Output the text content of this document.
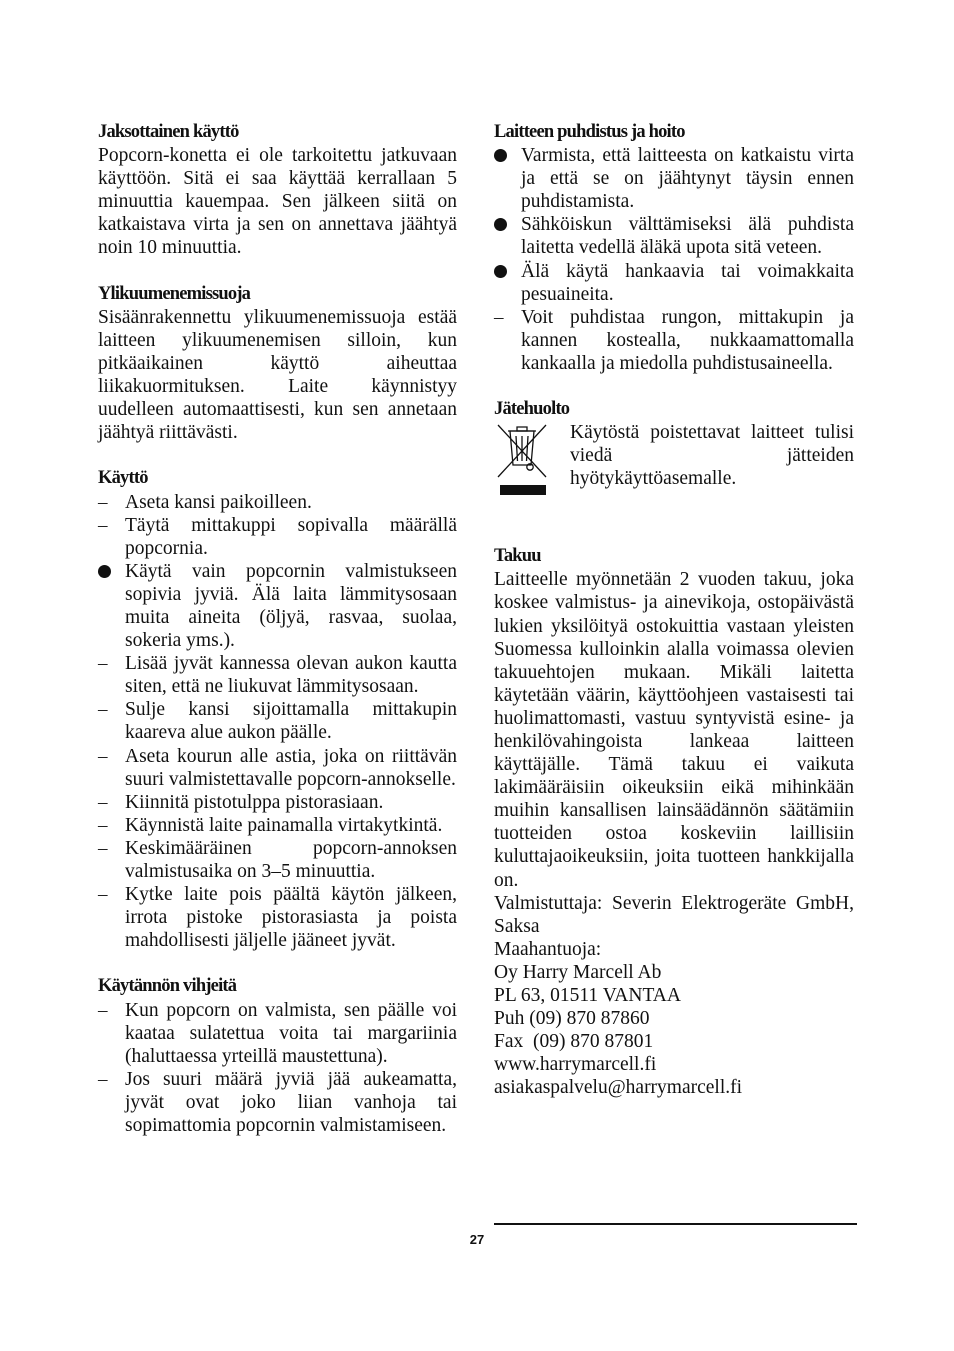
Jaksottainen käyttö

Popcorn-konetta ei ole tarkoitettu jatkuvaan käyttöön. Sitä ei saa käyttää kerrallaan 5 minuuttia kauempaa. Sen jälkeen siitä on katkaistava virta ja sen on annettava jäähtyä noin 10 minuuttia.

Ylikuumenemissuoja

Sisäänrakennettu ylikuumenemissuoja estää laitteen ylikuumenemisen silloin, kun pitkäaikainen käyttö aiheuttaa liikakuormituksen. Laite käynnistyy uudelleen automaattisesti, kun sen annetaan jäähtyä riittävästi.

Käyttö
– Aseta kansi paikoilleen.
– Täytä mittakuppi sopivalla määrällä popcornia.
Käytä vain popcornin valmistukseen sopivia jyviä. Älä laita lämmitysosaan muita aineita (öljyä, rasvaa, suolaa, sokeria yms.).
– Lisää jyvät kannessa olevan aukon kautta siten, että ne liukuvat lämmitysosaan.
– Sulje kansi sijoittamalla mittakupin kaareva alue aukon päälle.
– Aseta kourun alle astia, joka on riittävän suuri valmistettavalle popcorn-annokselle.
– Kiinnitä pistotulppa pistorasiaan.
– Käynnistä laite painamalla virtakytkintä.
– Keskimääräinen popcorn-annoksen valmistusaika on 3–5 minuuttia.
– Kytke laite pois päältä käytön jälkeen, irrota pistoke pistorasiasta ja poista mahdollisesti jäljelle jääneet jyvät.
Käytännön vihjeitä
– Kun popcorn on valmista, sen päälle voi kaataa sulatettua voita tai margariinia (haluttaessa yrteillä maustettuna).
– Jos suuri määrä jyviä jää aukeamatta, jyvät ovat joko liian vanhoja tai sopimattomia popcornin valmistamiseen.
Laitteen puhdistus ja hoito
Varmista, että laitteesta on katkaistu virta ja että se on jäähtynyt täysin ennen puhdistamista.
Sähköiskun välttämiseksi älä puhdista laitetta vedellä äläkä upota sitä veteen.
Älä käytä hankaavia tai voimakkaita pesuaineita.
– Voit puhdistaa rungon, mittakupin ja kannen kostealla, nukkaamattomalla kankaalla ja miedolla puhdistusaineella.
Jätehuolto

Käytöstä poistettavat laitteet tulisi viedä jätteiden hyötykäyttöasemalle.

Takuu

Laitteelle myönnetään 2 vuoden takuu, joka koskee valmistus- ja ainevikoja, ostopäivästä lukien yksilöityä ostokuittia vastaan yleisten Suomessa kulloinkin alalla voimassa olevien takuuehtojen mukaan. Mikäli laitetta käytetään väärin, käyttöohjeen vastaisesti tai huolimattomasti, vastuu syntyvistä esine- ja henkilövahingoista lankeaa laitteen käyttäjälle. Tämä takuu ei vaikuta lakimääräisiin oikeuksiin eikä mihinkään muihin kansallisen lainsäädännön säätämiin tuotteiden ostoa koskeviin laillisiin kuluttajaoikeuksiin, joita tuotteen hankkijalla on.

Valmistuttaja: Severin Elektrogeräte GmbH, Saksa

Maahantuoja:

Oy Harry Marcell Ab

PL 63, 01511 VANTAA

Puh (09) 870 87860

Fax  (09) 870 87801

www.harrymarcell.fi

asiakaspalvelu@harrymarcell.fi

27
